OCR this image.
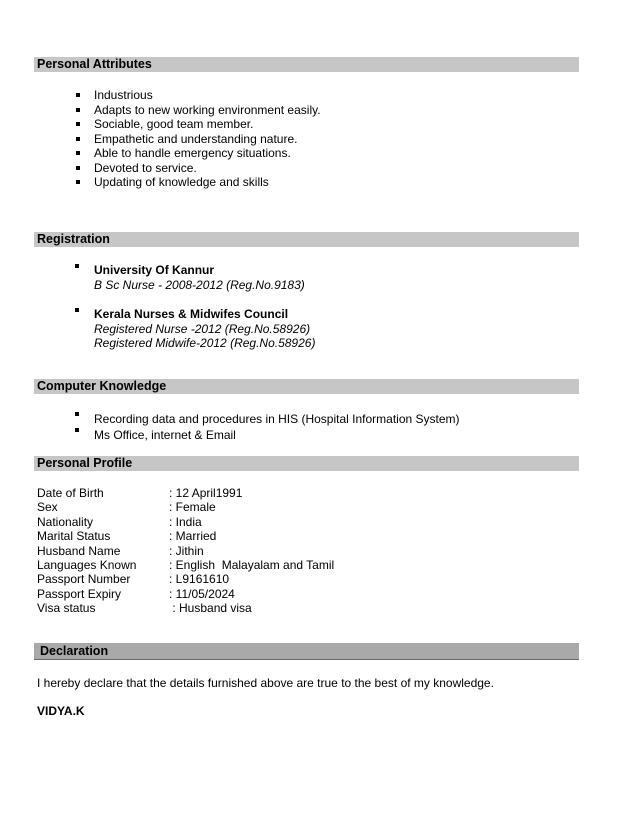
Personal Attributes
Industrious
Adapts to new working environment easily.
Sociable, good team member.
Empathetic and understanding nature.
Able to handle emergency situations.
Devoted to service.
Updating of knowledge and skills
Registration
University Of Kannur
B Sc Nurse - 2008-2012 (Reg.No.9183)
Kerala Nurses & Midwifes Council
Registered Nurse -2012 (Reg.No.58926)
Registered Midwife-2012 (Reg.No.58926)
Computer Knowledge
Recording data and procedures in HIS (Hospital Information System)
Ms Office, internet & Email
Personal Profile
Date of Birth	: 12 April1991
Sex	: Female
Nationality	: India
Marital Status	: Married
Husband Name	: Jithin
Languages Known	: English  Malayalam and Tamil
Passport Number	: L9161610
Passport Expiry	: 11/05/2024
Visa status	: Husband visa
Declaration
I hereby declare that the details furnished above are true to the best of my knowledge.
VIDYA.K
